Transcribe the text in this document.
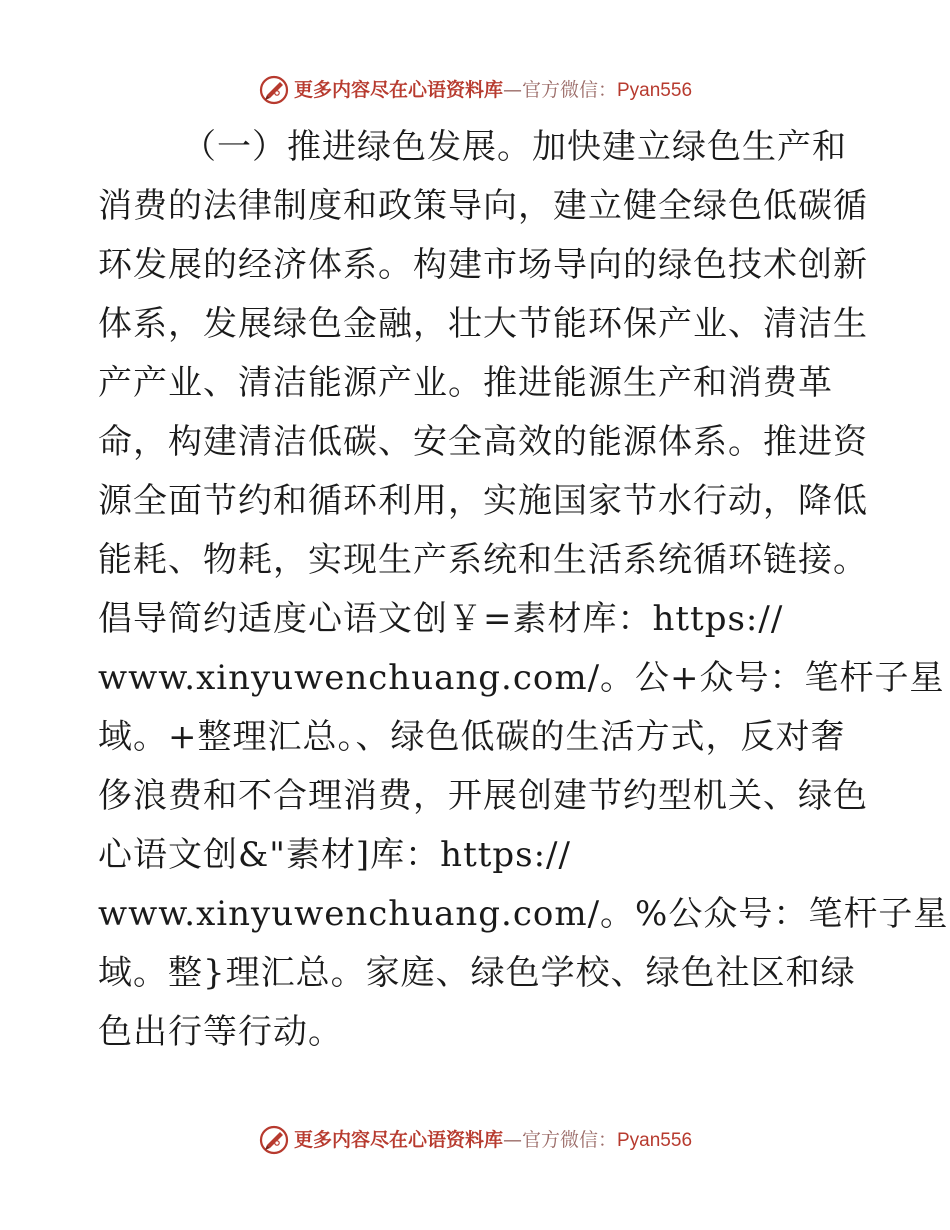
更多内容尽在心语资料库—官方微信：Pyan556
（一）推进绿色发展。加快建立绿色生产和
消费的法律制度和政策导向，建立健全绿色低碳循
环发展的经济体系。构建市场导向的绿色技术创新
体系，发展绿色金融，壮大节能环保产业、清洁生
产产业、清洁能源产业。推进能源生产和消费革
命，构建清洁低碳、安全高效的能源体系。推进资
源全面节约和循环利用，实施国家节水行动，降低
能耗、物耗，实现生产系统和生活系统循环链接。
倡导简约适度心语文创￥=素材库：https://
www.xinyuwenchuang.com/。公+众号：笔杆子星
域。+整理汇总。、绿色低碳的生活方式，反对奢
侈浪费和不合理消费，开展创建节约型机关、绿色
心语文创&"素材]库：https://
www.xinyuwenchuang.com/。%公众号：笔杆子星
域。整}理汇总。家庭、绿色学校、绿色社区和绿
色出行等行动。
更多内容尽在心语资料库—官方微信：Pyan556
